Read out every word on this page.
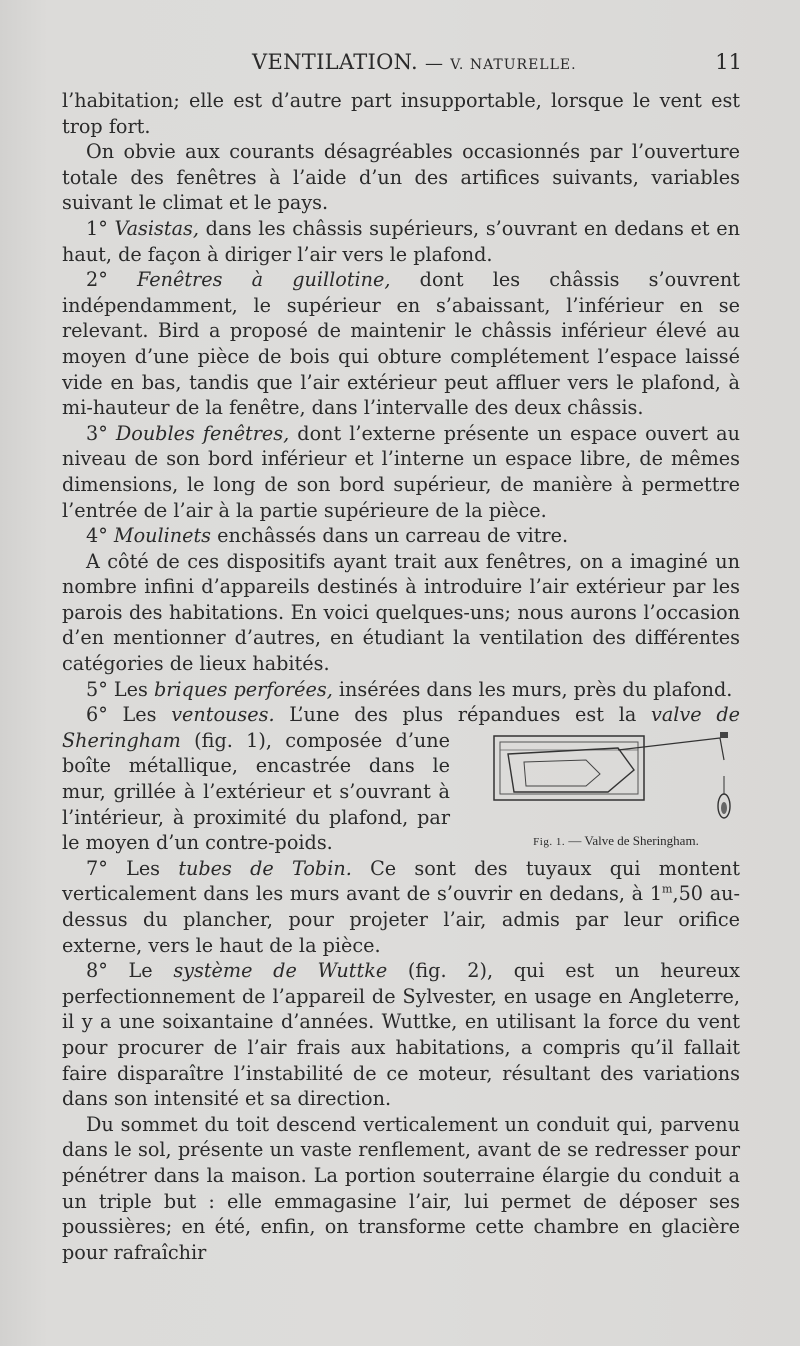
VENTILATION. — V. NATURELLE.	11

l’habitation; elle est d’autre part insupportable, lorsque le vent est trop fort.

On obvie aux courants désagréables occasionnés par l’ouverture totale des fenêtres à l’aide d’un des artifices suivants, variables suivant le climat et le pays.

1° Vasistas, dans les châssis supérieurs, s’ouvrant en dedans et en haut, de façon à diriger l’air vers le plafond.

2° Fenêtres à guillotine, dont les châssis s’ouvrent indépendamment, le supérieur en s’abaissant, l’inférieur en se relevant. Bird a proposé de maintenir le châssis inférieur élevé au moyen d’une pièce de bois qui obture complétement l’espace laissé vide en bas, tandis que l’air extérieur peut affluer vers le plafond, à mi-hauteur de la fenêtre, dans l’intervalle des deux châssis.

3° Doubles fenêtres, dont l’externe présente un espace ouvert au niveau de son bord inférieur et l’interne un espace libre, de mêmes dimensions, le long de son bord supérieur, de manière à permettre l’entrée de l’air à la partie supérieure de la pièce.

4° Moulinets enchâssés dans un carreau de vitre.

A côté de ces dispositifs ayant trait aux fenêtres, on a imaginé un nombre infini d’appareils destinés à introduire l’air extérieur par les parois des habitations. En voici quelques-uns; nous aurons l’occasion d’en mentionner d’autres, en étudiant la ventilation des différentes catégories de lieux habités.

5° Les briques perforées, insérées dans les murs, près du plafond.

6° Les ventouses. L’une des plus répandues est la valve de Sheringham
Fig. 1. — Valve de Sheringham.
(fig. 1), composée d’une boîte métallique, encastrée dans le mur, grillée à l’extérieur et s’ouvrant à l’intérieur, à proximité du plafond, par le moyen d’un contre-poids.

7° Les tubes de Tobin. Ce sont des tuyaux qui montent verticalement dans les murs avant de s’ouvrir en dedans, à 1$^m$,50 au-dessus du plancher, pour projeter l’air, admis par leur orifice externe, vers le haut de la pièce.

8° Le système de Wuttke (fig. 2), qui est un heureux perfectionnement de l’appareil de Sylvester, en usage en Angleterre, il y a une soixantaine d’années. Wuttke, en utilisant la force du vent pour procurer de l’air frais aux habitations, a compris qu’il fallait faire disparaître l’instabilité de ce moteur, résultant des variations dans son intensité et sa direction.

Du sommet du toit descend verticalement un conduit qui, parvenu dans le sol, présente un vaste renflement, avant de se redresser pour pénétrer dans la maison. La portion souterraine élargie du conduit a un triple but : elle emmagasine l’air, lui permet de déposer ses poussières; en été, enfin, on transforme cette chambre en glacière pour rafraîchir
